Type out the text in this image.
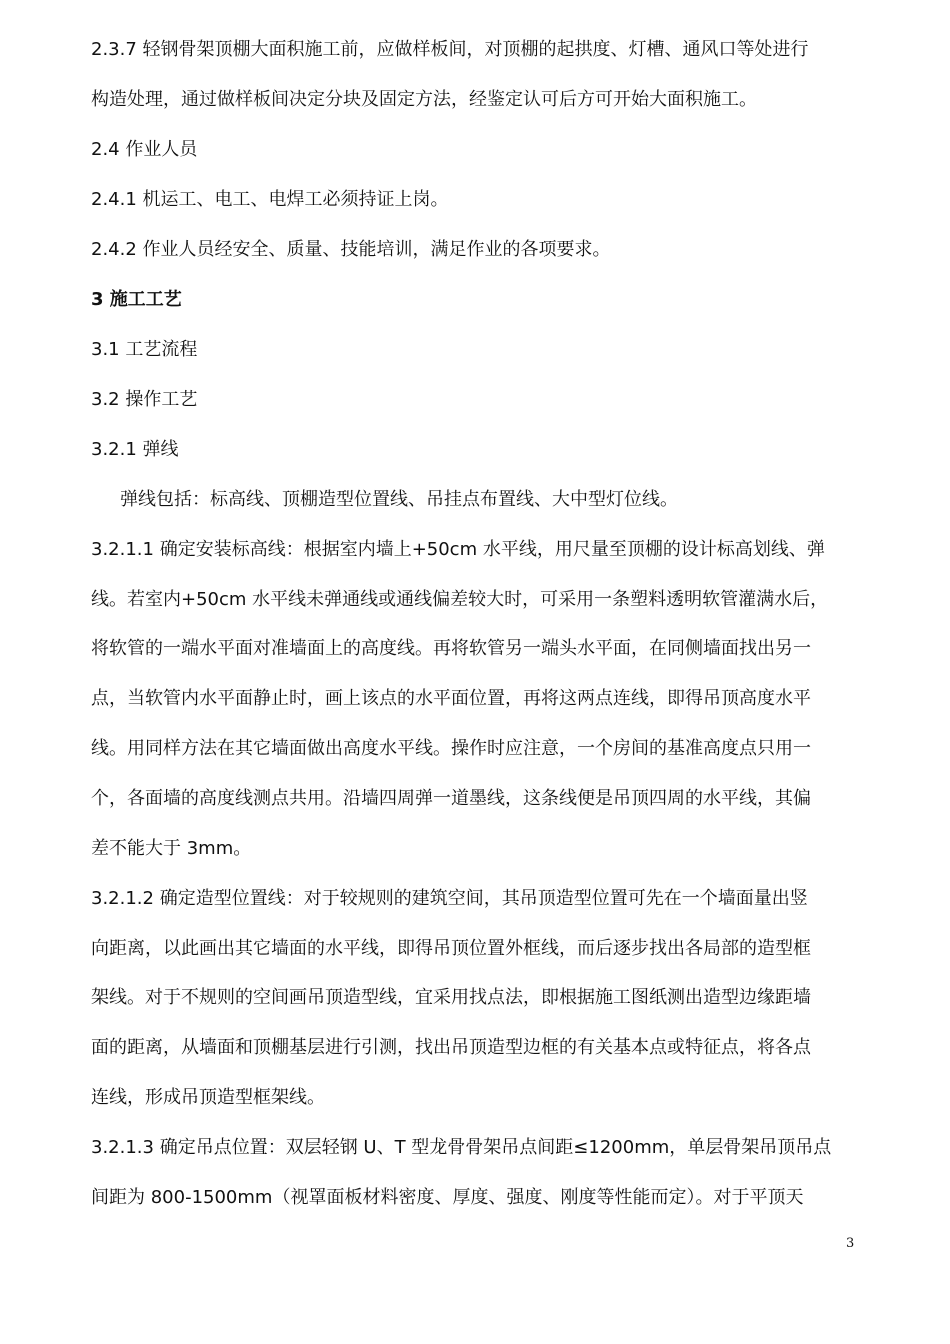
2.3.7 轻钢骨架顶棚大面积施工前，应做样板间，对顶棚的起拱度、灯槽、通风口等处进行
构造处理，通过做样板间决定分块及固定方法，经鉴定认可后方可开始大面积施工。
2.4 作业人员
2.4.1 机运工、电工、电焊工必须持证上岗。
2.4.2 作业人员经安全、质量、技能培训，满足作业的各项要求。
3 施工工艺
3.1 工艺流程
3.2 操作工艺
3.2.1 弹线
弹线包括：标高线、顶棚造型位置线、吊挂点布置线、大中型灯位线。
3.2.1.1 确定安装标高线：根据室内墙上+50cm 水平线，用尺量至顶棚的设计标高划线、弹
线。若室内+50cm 水平线未弹通线或通线偏差较大时，可采用一条塑料透明软管灌满水后，
将软管的一端水平面对准墙面上的高度线。再将软管另一端头水平面，在同侧墙面找出另一
点，当软管内水平面静止时，画上该点的水平面位置，再将这两点连线，即得吊顶高度水平
线。用同样方法在其它墙面做出高度水平线。操作时应注意，一个房间的基准高度点只用一
个，各面墙的高度线测点共用。沿墙四周弹一道墨线，这条线便是吊顶四周的水平线，其偏
差不能大于 3mm。
3.2.1.2 确定造型位置线：对于较规则的建筑空间，其吊顶造型位置可先在一个墙面量出竖
向距离，以此画出其它墙面的水平线，即得吊顶位置外框线，而后逐步找出各局部的造型框
架线。对于不规则的空间画吊顶造型线，宜采用找点法，即根据施工图纸测出造型边缘距墙
面的距离，从墙面和顶棚基层进行引测，找出吊顶造型边框的有关基本点或特征点，将各点
连线，形成吊顶造型框架线。
3.2.1.3 确定吊点位置：双层轻钢 U、T 型龙骨骨架吊点间距≤1200mm，单层骨架吊顶吊点
间距为 800-1500mm（视罩面板材料密度、厚度、强度、刚度等性能而定）。对于平顶天
3
